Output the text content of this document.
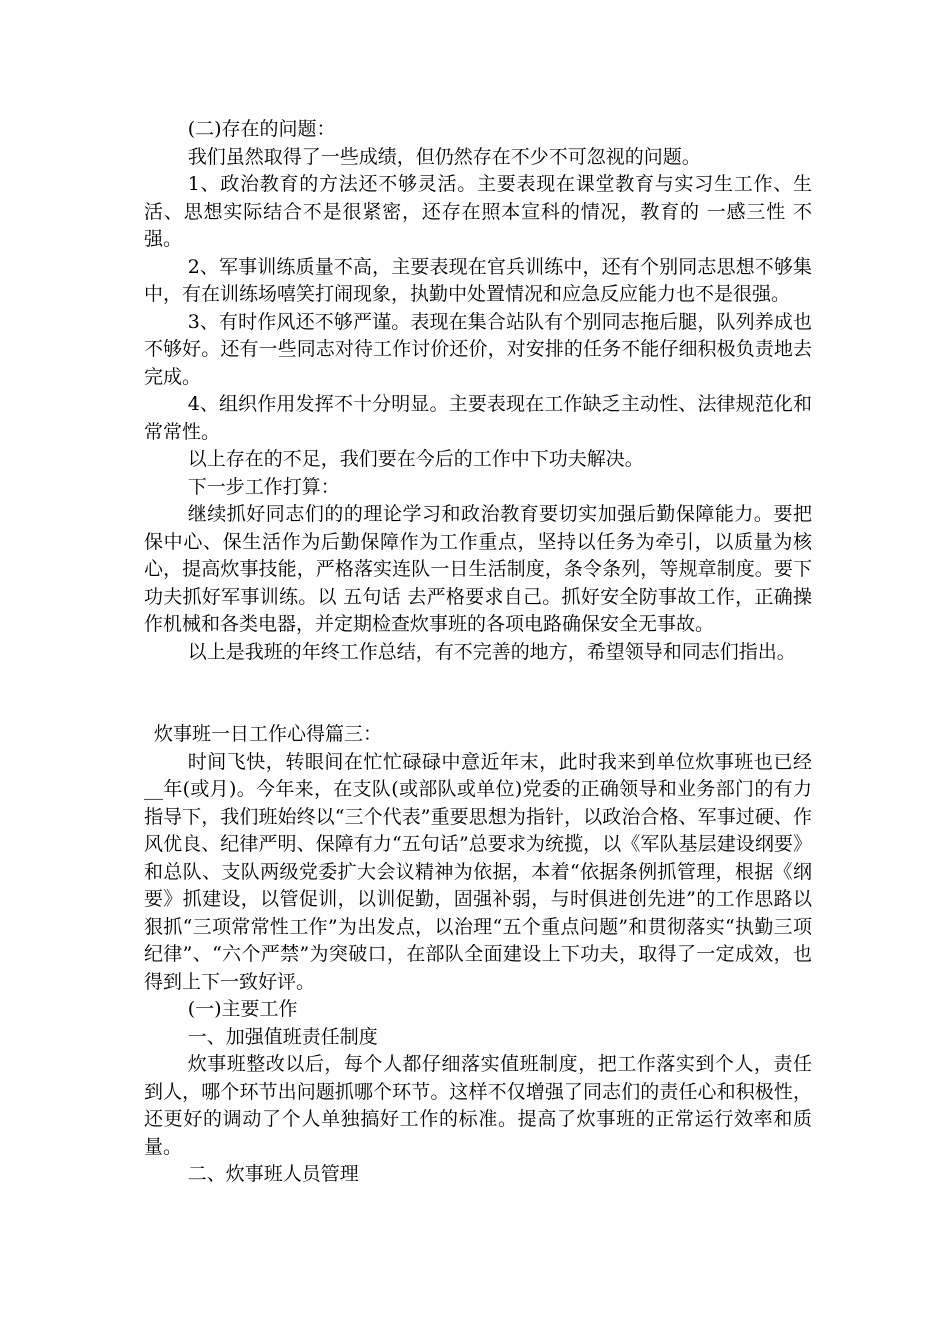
(二)存在的问题：

我们虽然取得了一些成绩，但仍然存在不少不可忽视的问题。

1、政治教育的方法还不够灵活。主要表现在课堂教育与实习生工作、生活、思想实际结合不是很紧密，还存在照本宣科的情况，教育的 一感三性 不强。

2、军事训练质量不高，主要表现在官兵训练中，还有个别同志思想不够集中，有在训练场嘻笑打闹现象，执勤中处置情况和应急反应能力也不是很强。

3、有时作风还不够严谨。表现在集合站队有个别同志拖后腿，队列养成也不够好。还有一些同志对待工作讨价还价，对安排的任务不能仔细积极负责地去完成。

4、组织作用发挥不十分明显。主要表现在工作缺乏主动性、法律规范化和常常性。

以上存在的不足，我们要在今后的工作中下功夫解决。

下一步工作打算：

继续抓好同志们的的理论学习和政治教育要切实加强后勤保障能力。要把保中心、保生活作为后勤保障作为工作重点，坚持以任务为牵引，以质量为核心，提高炊事技能，严格落实连队一日生活制度，条令条列，等规章制度。要下功夫抓好军事训练。以 五句话 去严格要求自己。抓好安全防事故工作，正确操作机械和各类电器，并定期检查炊事班的各项电路确保安全无事故。

以上是我班的年终工作总结，有不完善的地方，希望领导和同志们指出。

炊事班一日工作心得篇三：

时间飞快，转眼间在忙忙碌碌中意近年末，此时我来到单位炊事班也已经__年(或月)。今年来，在支队(或部队或单位)党委的正确领导和业务部门的有力指导下，我们班始终以“三个代表”重要思想为指针，以政治合格、军事过硬、作风优良、纪律严明、保障有力“五句话”总要求为统揽，以《军队基层建设纲要》和总队、支队两级党委扩大会议精神为依据，本着“依据条例抓管理，根据《纲要》抓建设，以管促训，以训促勤，固强补弱，与时俱进创先进”的工作思路以狠抓“三项常常性工作”为出发点，以治理“五个重点问题”和贯彻落实“执勤三项纪律”、“六个严禁”为突破口，在部队全面建设上下功夫，取得了一定成效，也得到上下一致好评。

(一)主要工作

一、加强值班责任制度

炊事班整改以后，每个人都仔细落实值班制度，把工作落实到个人，责任到人，哪个环节出问题抓哪个环节。这样不仅增强了同志们的责任心和积极性，还更好的调动了个人单独搞好工作的标准。提高了炊事班的正常运行效率和质量。

二、炊事班人员管理
